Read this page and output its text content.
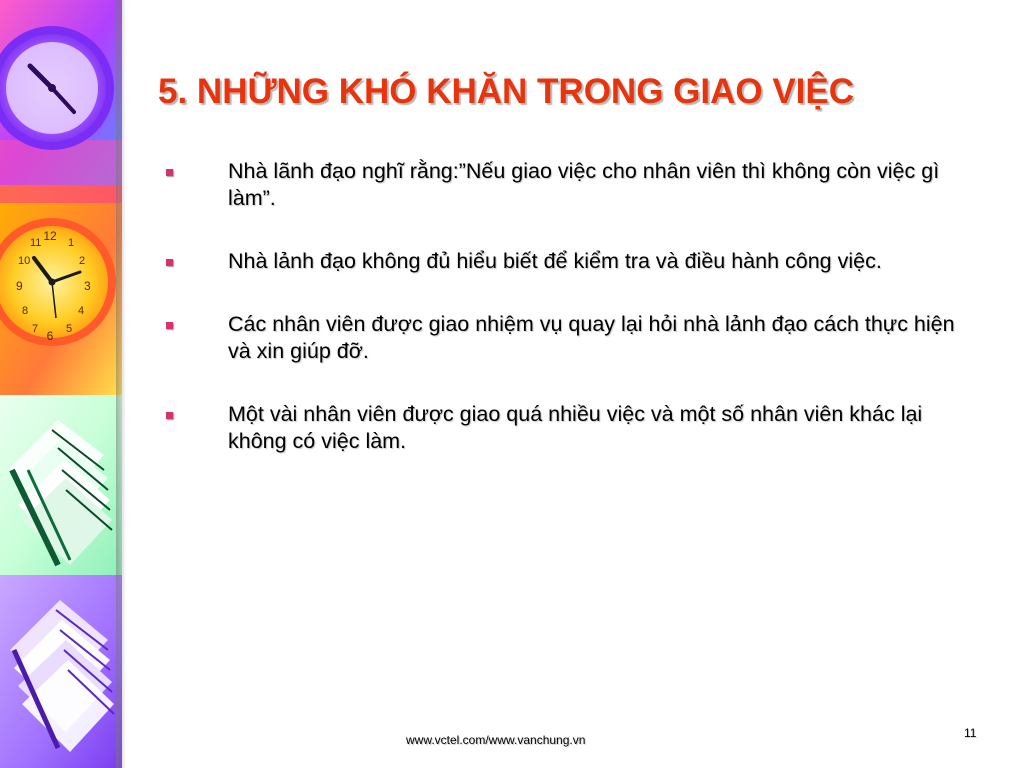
12 1
2
3
4
5
6
7
8
9
10
11
5. NHỮNG KHÓ KHĂN TRONG GIAO VIỆC
Nhà lãnh đạo nghĩ rằng:”Nếu giao việc cho nhân viên thì không còn việc gì làm”.
Nhà lảnh đạo không đủ hiểu biết để kiểm tra và điều hành công việc.
Các nhân viên được giao nhiệm vụ quay lại hỏi nhà lảnh đạo cách thực hiện và xin giúp đỡ.
Một vài nhân viên được giao quá nhiều việc và một số nhân viên khác lại không có việc làm.
www.vctel.com/www.vanchung.vn	11
